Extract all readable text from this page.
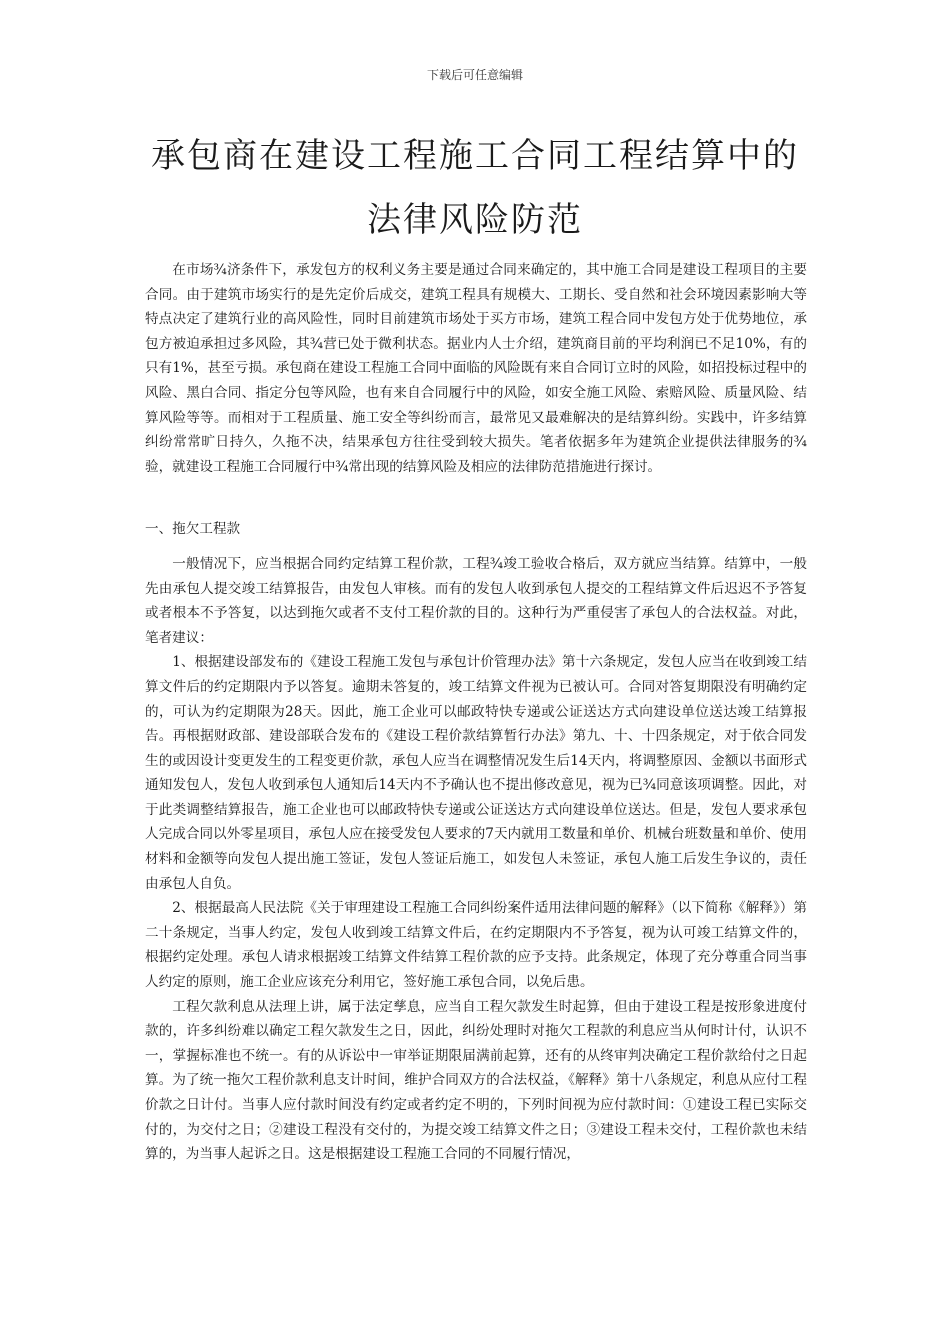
下载后可任意编辑
承包商在建设工程施工合同工程结算中的
法律风险防范

在市场¾济条件下，承发包方的权利义务主要是通过合同来确定的，其中施工合同是建设工程项目的主要合同。由于建筑市场实行的是先定价后成交，建筑工程具有规模大、工期长、受自然和社会环境因素影响大等特点决定了建筑行业的高风险性，同时目前建筑市场处于买方市场，建筑工程合同中发包方处于优势地位，承包方被迫承担过多风险，其¾营已处于微利状态。据业内人士介绍，建筑商目前的平均利润已不足10%，有的只有1%，甚至亏损。承包商在建设工程施工合同中面临的风险既有来自合同订立时的风险，如招投标过程中的风险、黑白合同、指定分包等风险，也有来自合同履行中的风险，如安全施工风险、索赔风险、质量风险、结算风险等等。而相对于工程质量、施工安全等纠纷而言，最常见又最难解决的是结算纠纷。实践中，许多结算纠纷常常旷日持久，久拖不决，结果承包方往往受到较大损失。笔者依据多年为建筑企业提供法律服务的¾验，就建设工程施工合同履行中¾常出现的结算风险及相应的法律防范措施进行探讨。

一、拖欠工程款

一般情况下，应当根据合同约定结算工程价款，工程¾竣工验收合格后，双方就应当结算。结算中，一般先由承包人提交竣工结算报告，由发包人审核。而有的发包人收到承包人提交的工程结算文件后迟迟不予答复或者根本不予答复，以达到拖欠或者不支付工程价款的目的。这种行为严重侵害了承包人的合法权益。对此，笔者建议：

1、根据建设部发布的《建设工程施工发包与承包计价管理办法》第十六条规定，发包人应当在收到竣工结算文件后的约定期限内予以答复。逾期未答复的，竣工结算文件视为已被认可。合同对答复期限没有明确约定的，可认为约定期限为28天。因此，施工企业可以邮政特快专递或公证送达方式向建设单位送达竣工结算报告。再根据财政部、建设部联合发布的《建设工程价款结算暂行办法》第九、十、十四条规定，对于依合同发生的或因设计变更发生的工程变更价款，承包人应当在调整情况发生后14天内，将调整原因、金额以书面形式通知发包人，发包人收到承包人通知后14天内不予确认也不提出修改意见，视为已¾同意该项调整。因此，对于此类调整结算报告，施工企业也可以邮政特快专递或公证送达方式向建设单位送达。但是，发包人要求承包人完成合同以外零星项目，承包人应在接受发包人要求的7天内就用工数量和单价、机械台班数量和单价、使用材料和金额等向发包人提出施工签证，发包人签证后施工，如发包人未签证，承包人施工后发生争议的，责任由承包人自负。

2、根据最高人民法院《关于审理建设工程施工合同纠纷案件适用法律问题的解释》（以下简称《解释》）第二十条规定，当事人约定，发包人收到竣工结算文件后，在约定期限内不予答复，视为认可竣工结算文件的，根据约定处理。承包人请求根据竣工结算文件结算工程价款的应予支持。此条规定，体现了充分尊重合同当事人约定的原则，施工企业应该充分利用它，签好施工承包合同，以免后患。

工程欠款利息从法理上讲，属于法定孳息，应当自工程欠款发生时起算，但由于建设工程是按形象进度付款的，许多纠纷难以确定工程欠款发生之日，因此，纠纷处理时对拖欠工程款的利息应当从何时计付，认识不一，掌握标准也不统一。有的从诉讼中一审举证期限届满前起算，还有的从终审判决确定工程价款给付之日起算。为了统一拖欠工程价款利息支计时间，维护合同双方的合法权益，《解释》第十八条规定，利息从应付工程价款之日计付。当事人应付款时间没有约定或者约定不明的，下列时间视为应付款时间：①建设工程已实际交付的，为交付之日；②建设工程没有交付的，为提交竣工结算文件之日；③建设工程未交付，工程价款也未结算的，为当事人起诉之日。这是根据建设工程施工合同的不同履行情况，
